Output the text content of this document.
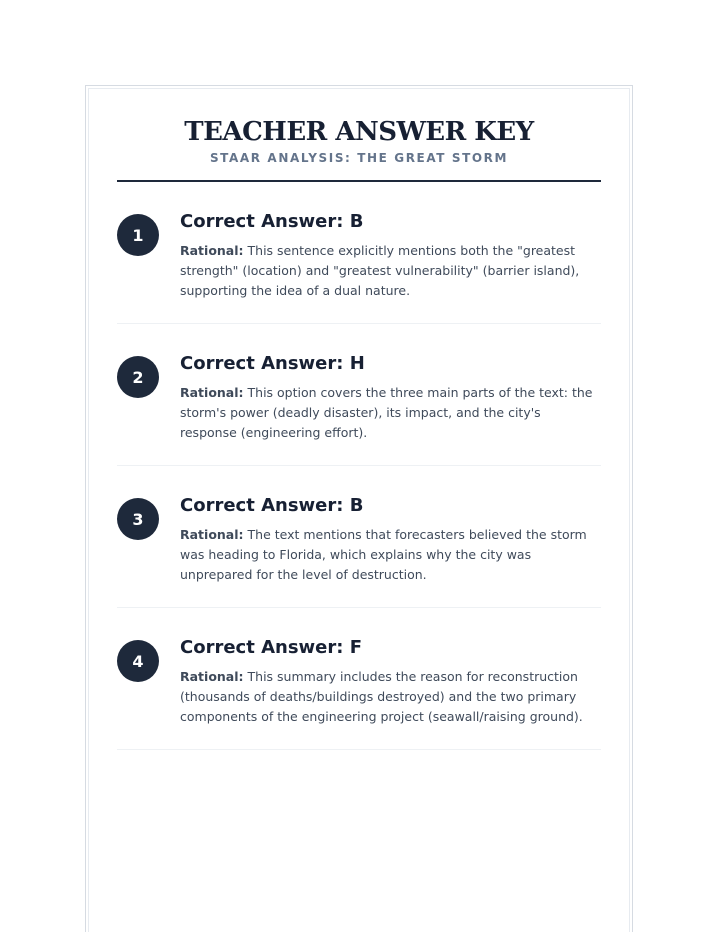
TEACHER ANSWER KEY
STAAR ANALYSIS: THE GREAT STORM
1
Correct Answer: B
Rational: This sentence explicitly mentions both the "greatest strength" (location) and "greatest vulnerability" (barrier island), supporting the idea of a dual nature.
2
Correct Answer: H
Rational: This option covers the three main parts of the text: the storm's power (deadly disaster), its impact, and the city's response (engineering effort).
3
Correct Answer: B
Rational: The text mentions that forecasters believed the storm was heading to Florida, which explains why the city was unprepared for the level of destruction.
4
Correct Answer: F
Rational: This summary includes the reason for reconstruction (thousands of deaths/buildings destroyed) and the two primary components of the engineering project (seawall/raising ground).
